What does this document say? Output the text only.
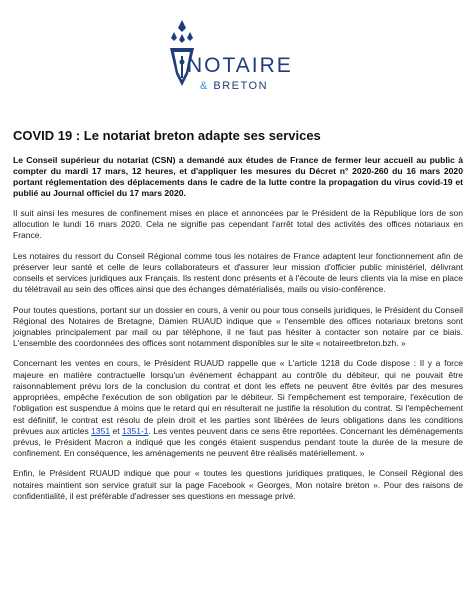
NOTAIRE
& BRETON
COVID 19 : Le notariat breton adapte ses services

Le Conseil supérieur du notariat (CSN) a demandé aux études de France de fermer leur accueil au public à compter du mardi 17 mars, 12 heures, et d'appliquer les mesures du Décret n° 2020-260 du 16 mars 2020 portant réglementation des déplacements dans le cadre de la lutte contre la propagation du virus covid-19 et publié au Journal officiel du 17 mars 2020.

Il suit ainsi les mesures de confinement mises en place et annoncées par le Président de la République lors de son allocution le lundi 16 mars 2020. Cela ne signifie pas cependant l'arrêt total des activités des offices notariaux en France.

Les notaires du ressort du Conseil Régional comme tous les notaires de France adaptent leur fonctionnement afin de préserver leur santé et celle de leurs collaborateurs et d'assurer leur mission d'officier public ministériel, délivrant conseils et services juridiques aux Français. Ils restent donc présents et à l'écoute de leurs clients via la mise en place du télétravail au sein des offices ainsi que des échanges dématérialisés, mails ou visio-conférence.

Pour toutes questions, portant sur un dossier en cours, à venir ou pour tous conseils juridiques, le Président du Conseil Régional des Notaires de Bretagne, Damien RUAUD indique que « l'ensemble des offices notariaux bretons sont joignables principalement par mail ou par téléphone, il ne faut pas hésiter à contacter son notaire par ce biais. L'ensemble des coordonnées des offices sont notamment disponibles sur le site « notaireetbreton.bzh. »

Concernant les ventes en cours, le Président RUAUD rappelle que « L'article 1218 du Code dispose : Il y a force majeure en matière contractuelle lorsqu'un événement échappant au contrôle du débiteur, qui ne pouvait être raisonnablement prévu lors de la conclusion du contrat et dont les effets ne peuvent être évités par des mesures appropriées, empêche l'exécution de son obligation par le débiteur. Si l'empêchement est temporaire, l'exécution de l'obligation est suspendue à moins que le retard qui en résulterait ne justifie la résolution du contrat. Si l'empêchement est définitif, le contrat est résolu de plein droit et les parties sont libérées de leurs obligations dans les conditions prévues aux articles 1351 et 1351-1. Les ventes peuvent dans ce sens être reportées. Concernant les déménagements prévus, le Président Macron a indiqué que les congés étaient suspendus pendant toute la durée de la mesure de confinement. En conséquence, les aménagements ne peuvent être réalisés matériellement. »

Enfin, le Président RUAUD indique que pour « toutes les questions juridiques pratiques, le Conseil Régional des notaires maintient son service gratuit sur la page Facebook « Georges, Mon notaire breton ». Pour des raisons de confidentialité, il est préférable d'adresser ses questions en message privé.
